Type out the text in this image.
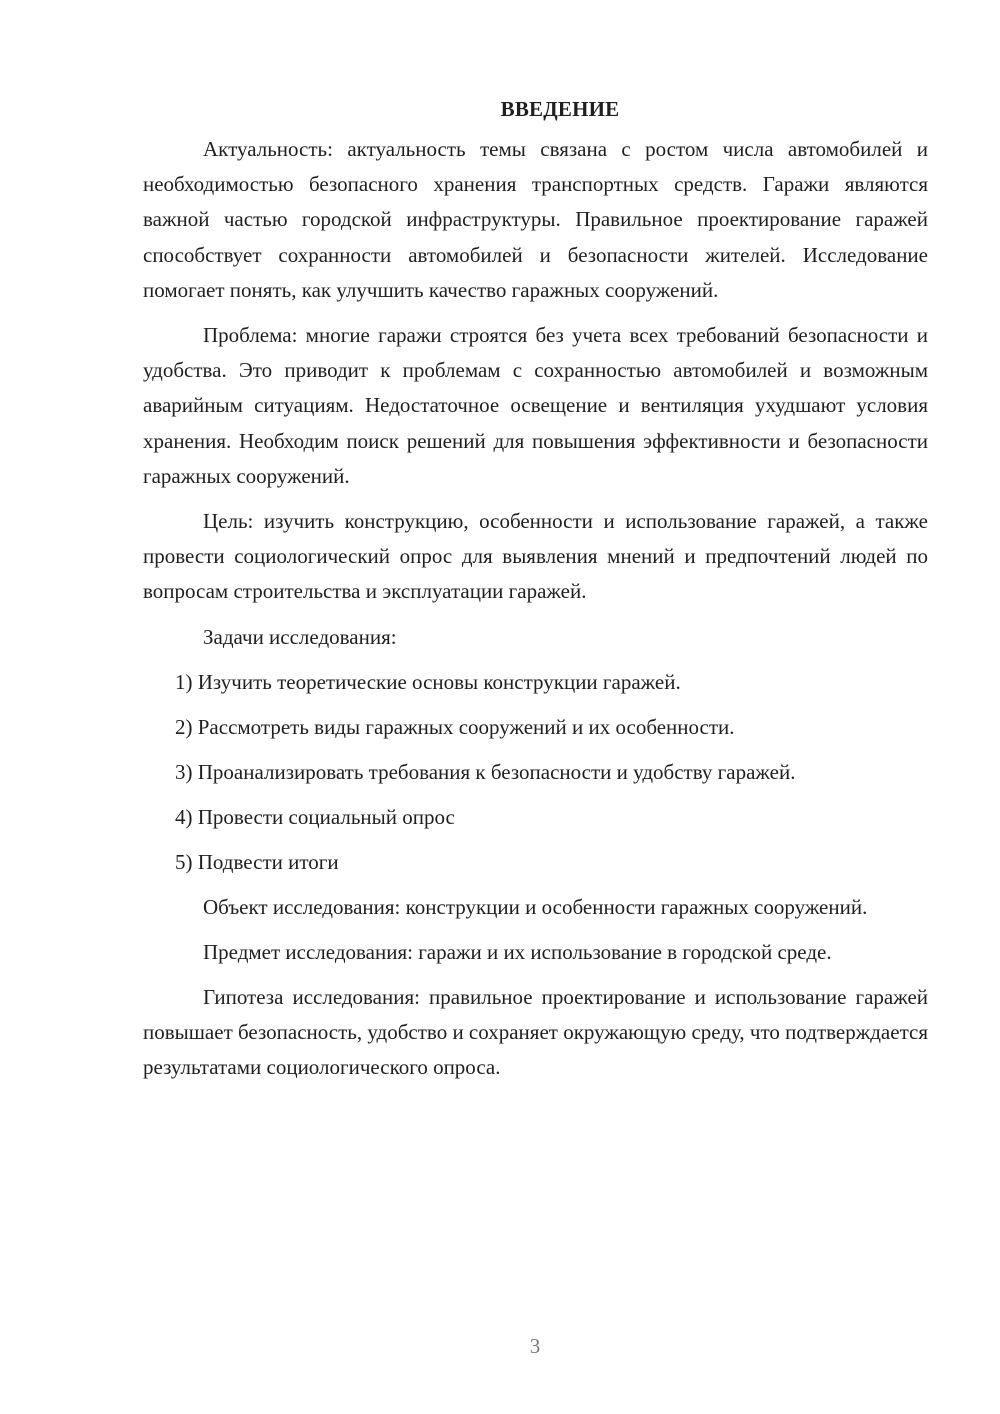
ВВЕДЕНИЕ

Актуальность: актуальность темы связана с ростом числа автомобилей и необходимостью безопасного хранения транспортных средств. Гаражи являются важной частью городской инфраструктуры. Правильное проектирование гаражей способствует сохранности автомобилей и безопасности жителей. Исследование помогает понять, как улучшить качество гаражных сооружений.

Проблема: многие гаражи строятся без учета всех требований безопасности и удобства. Это приводит к проблемам с сохранностью автомобилей и возможным аварийным ситуациям. Недостаточное освещение и вентиляция ухудшают условия хранения. Необходим поиск решений для повышения эффективности и безопасности гаражных сооружений.

Цель: изучить конструкцию, особенности и использование гаражей, а также провести социологический опрос для выявления мнений и предпочтений людей по вопросам строительства и эксплуатации гаражей.

Задачи исследования:

1) Изучить теоретические основы конструкции гаражей.

2) Рассмотреть виды гаражных сооружений и их особенности.

3) Проанализировать требования к безопасности и удобству гаражей.

4) Провести социальный опрос

5) Подвести итоги

Объект исследования: конструкции и особенности гаражных сооружений.

Предмет исследования: гаражи и их использование в городской среде.

Гипотеза исследования: правильное проектирование и использование гаражей повышает безопасность, удобство и сохраняет окружающую среду, что подтверждается результатами социологического опроса.

3
